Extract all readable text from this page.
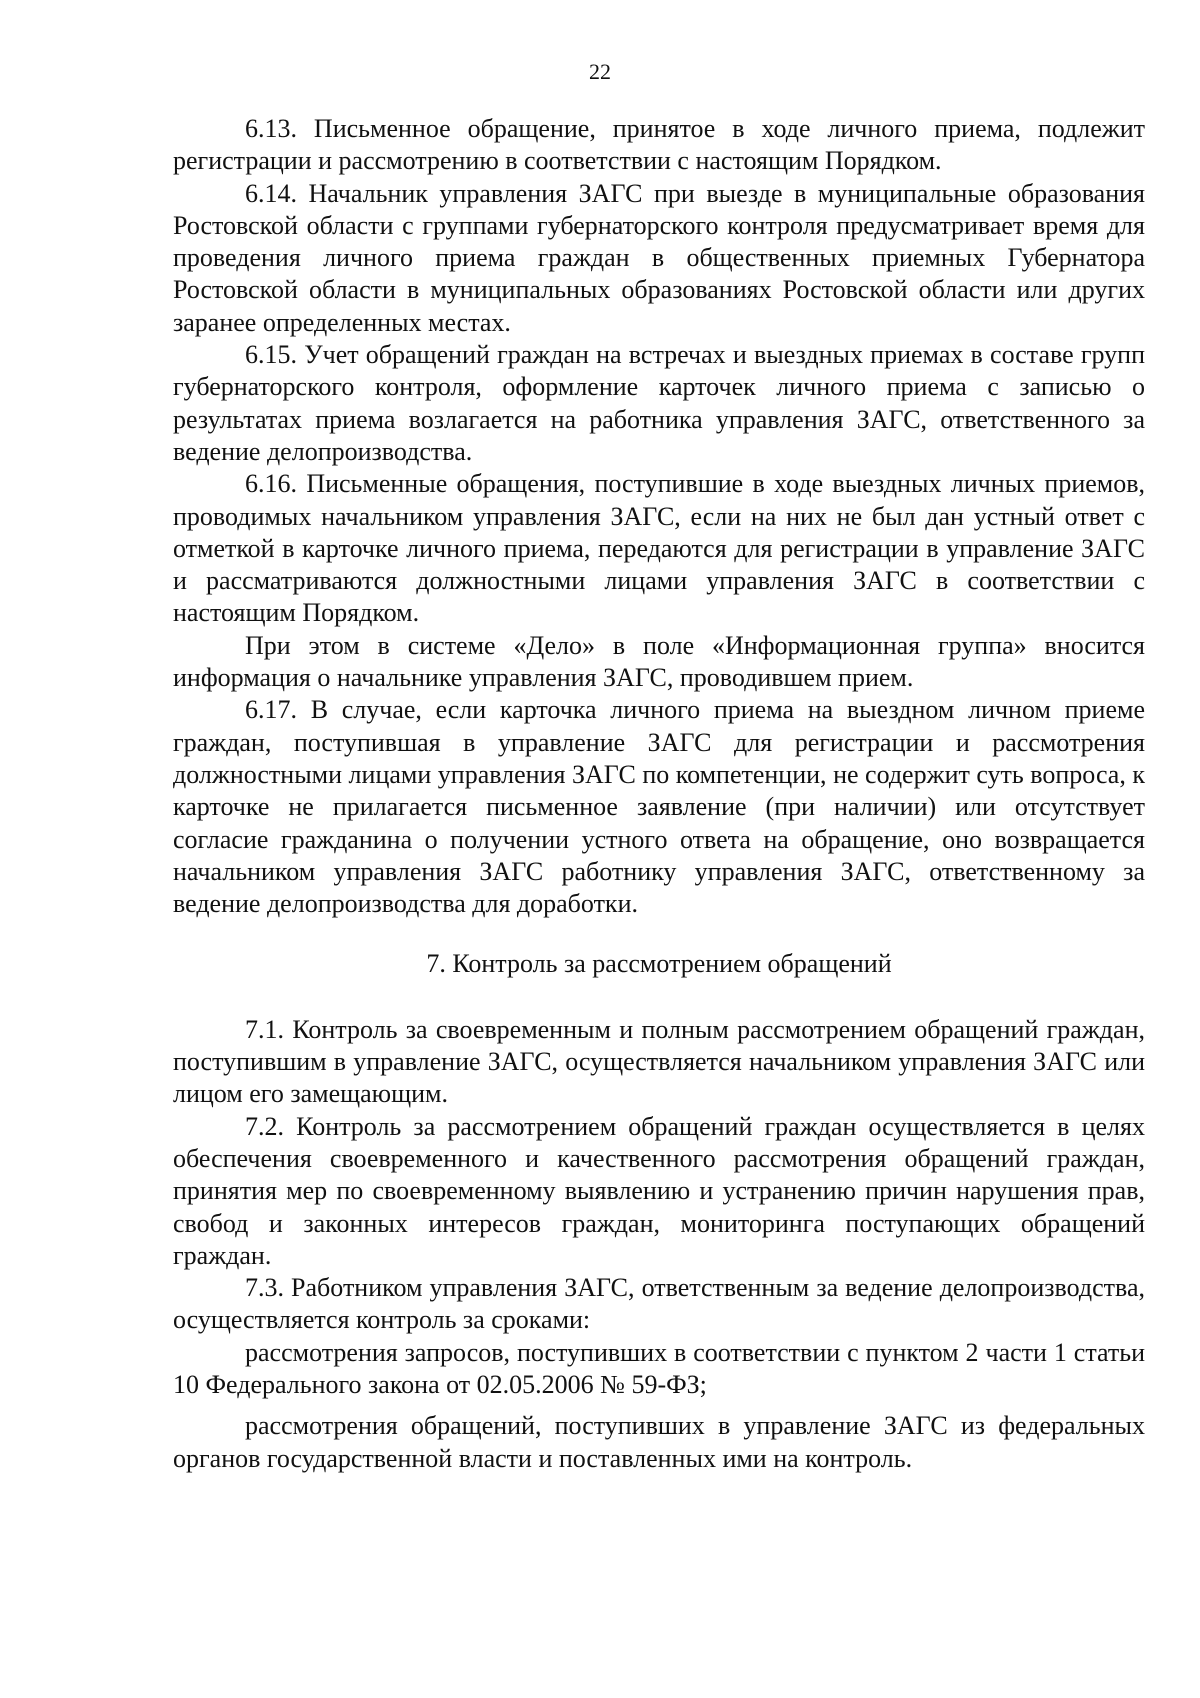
22

6.13. Письменное обращение, принятое в ходе личного приема, подлежит регистрации и рассмотрению в соответствии с настоящим Порядком.

6.14. Начальник управления ЗАГС при выезде в муниципальные образования Ростовской области с группами губернаторского контроля предусматривает время для проведения личного приема граждан в общественных приемных Губернатора Ростовской области в муниципальных образованиях Ростовской области или других заранее определенных местах.

6.15. Учет обращений граждан на встречах и выездных приемах в составе групп губернаторского контроля, оформление карточек личного приема с записью о результатах приема возлагается на работника управления ЗАГС, ответственного за ведение делопроизводства.

6.16. Письменные обращения, поступившие в ходе выездных личных приемов, проводимых начальником управления ЗАГС, если на них не был дан устный ответ с отметкой в карточке личного приема, передаются для регистрации в управление ЗАГС и рассматриваются должностными лицами управления ЗАГС в соответствии с настоящим Порядком.

При этом в системе «Дело» в поле «Информационная группа» вносится информация о начальнике управления ЗАГС, проводившем прием.

6.17. В случае, если карточка личного приема на выездном личном приеме граждан, поступившая в управление ЗАГС для регистрации и рассмотрения должностными лицами управления ЗАГС по компетенции, не содержит суть вопроса, к карточке не прилагается письменное заявление (при наличии) или отсутствует согласие гражданина о получении устного ответа на обращение, оно возвращается начальником управления ЗАГС работнику управления ЗАГС, ответственному за ведение делопроизводства для доработки.

7. Контроль за рассмотрением обращений

7.1. Контроль за своевременным и полным рассмотрением обращений граждан, поступившим в управление ЗАГС, осуществляется начальником управления ЗАГС или лицом его замещающим.

7.2. Контроль за рассмотрением обращений граждан осуществляется в целях обеспечения своевременного и качественного рассмотрения обращений граждан, принятия мер по своевременному выявлению и устранению причин нарушения прав, свобод и законных интересов граждан, мониторинга поступающих обращений граждан.

7.3. Работником управления ЗАГС, ответственным за ведение делопроизводства, осуществляется контроль за сроками:

рассмотрения запросов, поступивших в соответствии с пунктом 2 части 1 статьи 10 Федерального закона от 02.05.2006 № 59-ФЗ;

рассмотрения обращений, поступивших в управление ЗАГС из федеральных органов государственной власти и поставленных ими на контроль.
